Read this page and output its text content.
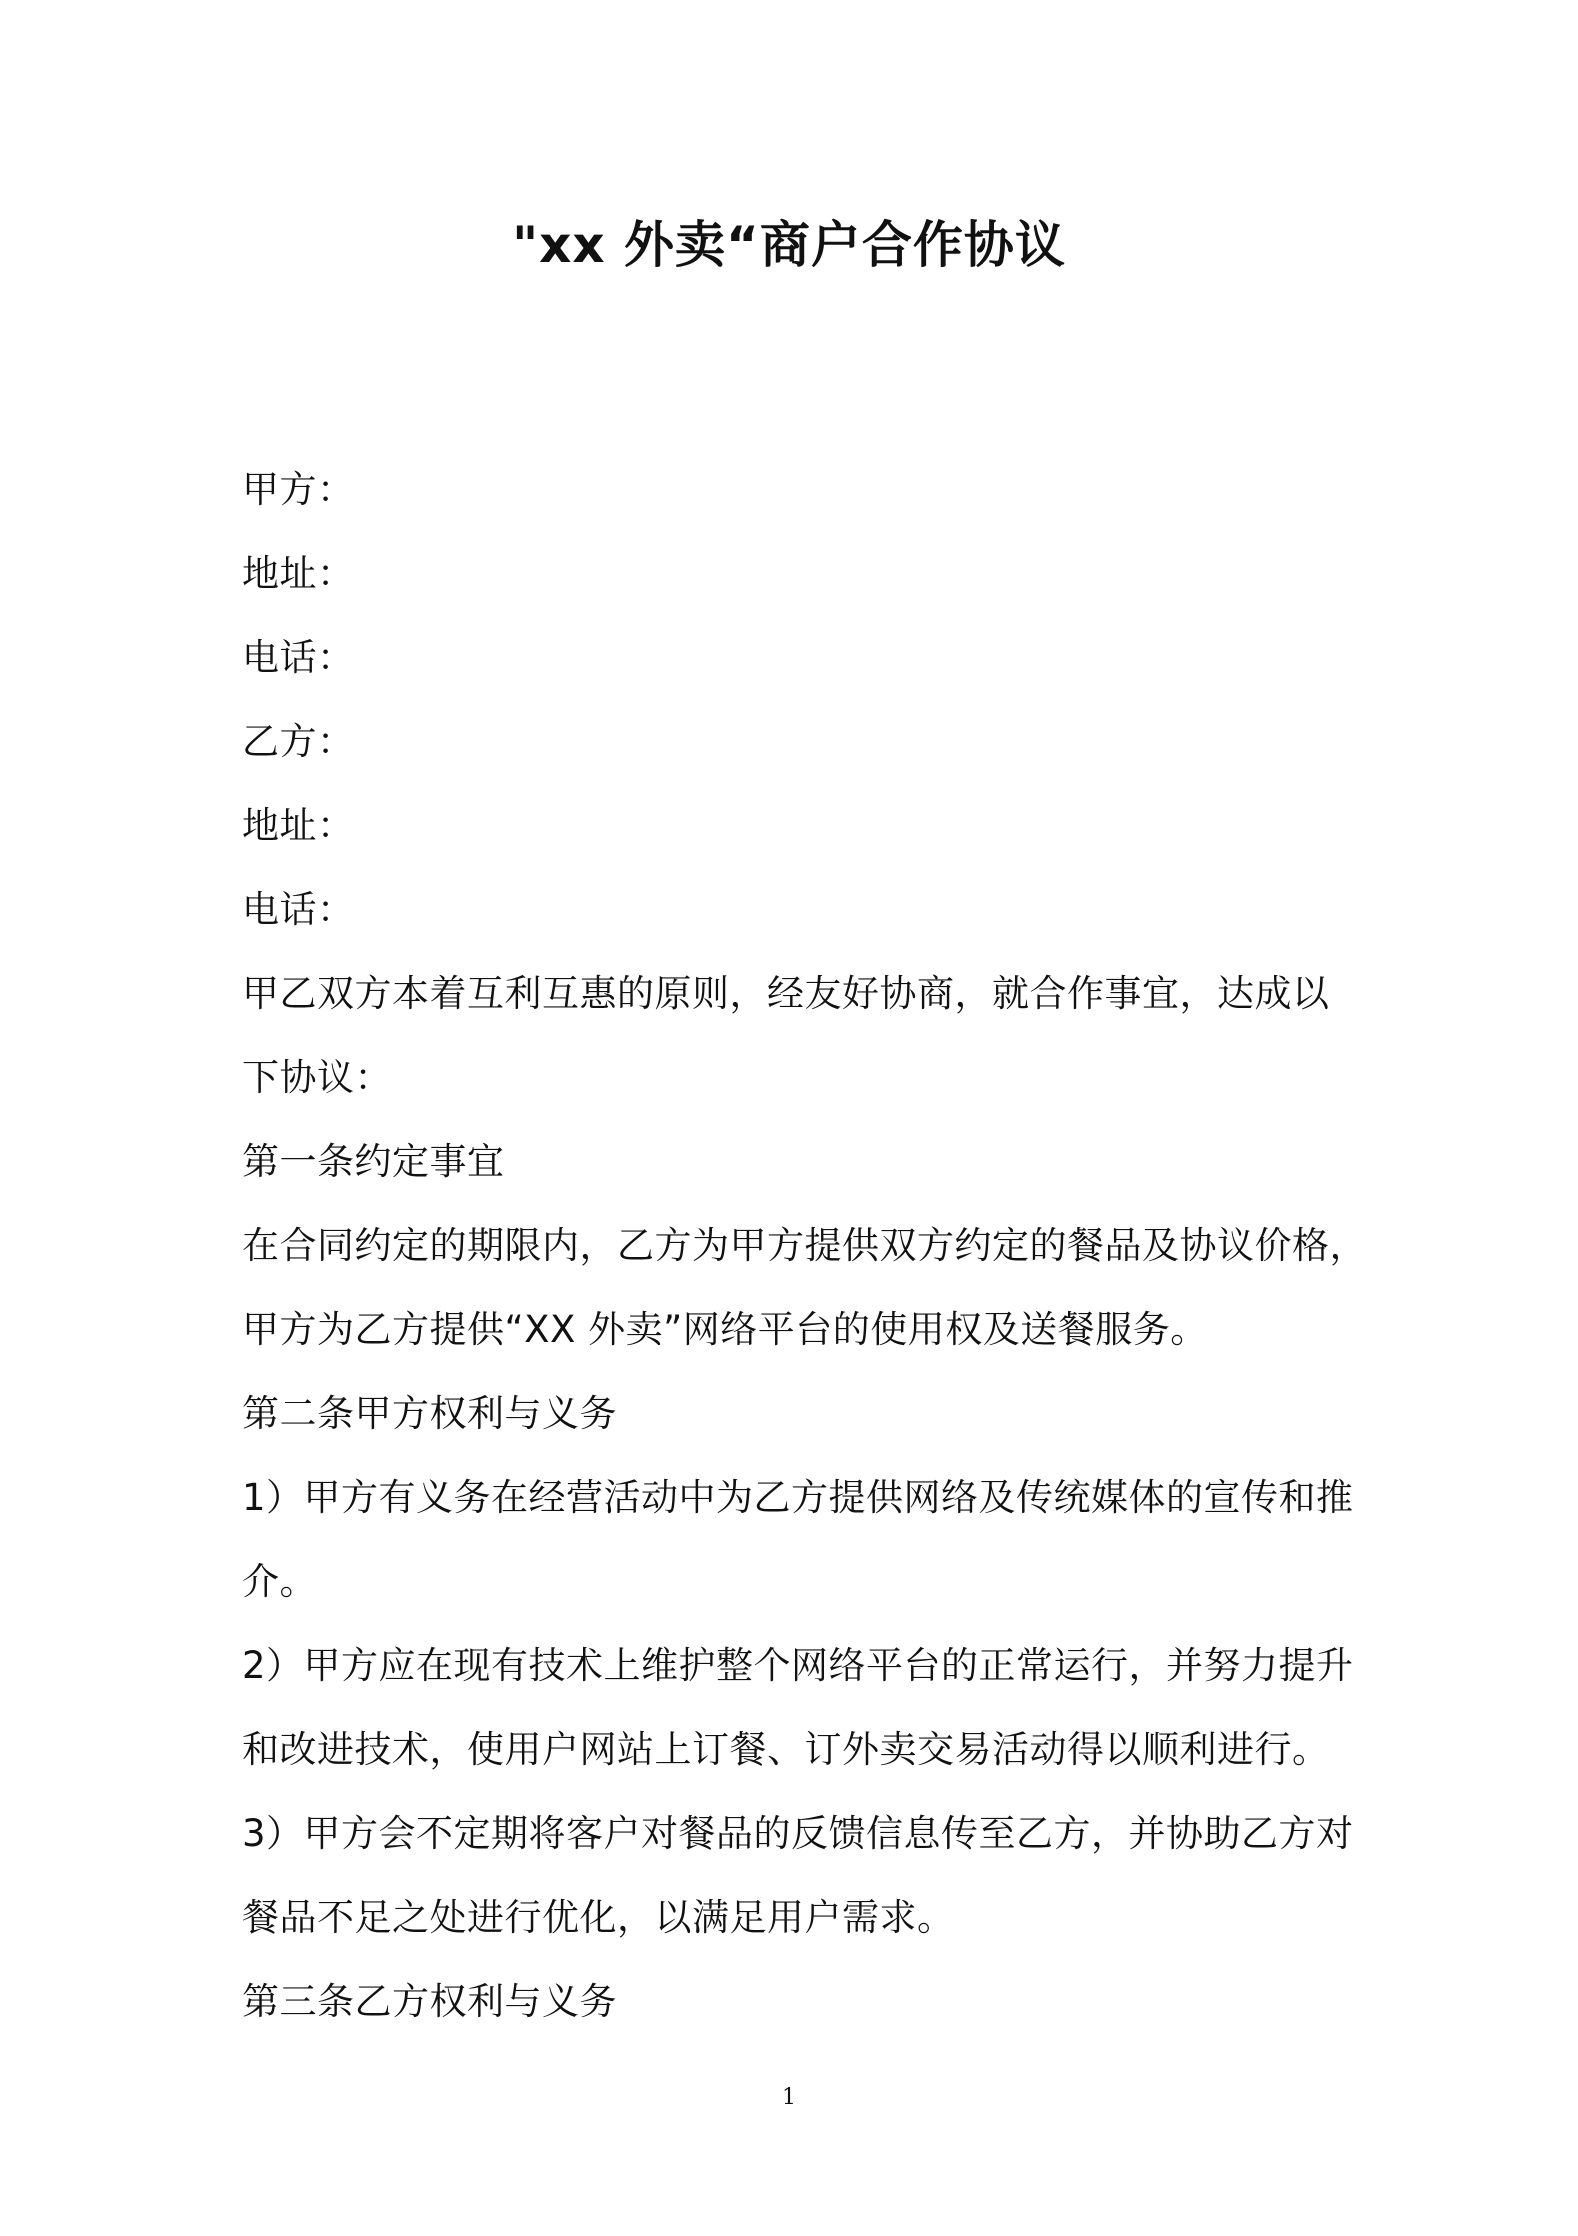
"xx 外卖“商户合作协议
甲方：
地址：
电话：
乙方：
地址：
电话：
甲乙双方本着互利互惠的原则，经友好协商，就合作事宜，达成以
下协议：
第一条约定事宜
在合同约定的期限内，乙方为甲方提供双方约定的餐品及协议价格，
甲方为乙方提供“XX 外卖”网络平台的使用权及送餐服务。
第二条甲方权利与义务
1）甲方有义务在经营活动中为乙方提供网络及传统媒体的宣传和推
介。
2）甲方应在现有技术上维护整个网络平台的正常运行，并努力提升
和改进技术，使用户网站上订餐、订外卖交易活动得以顺利进行。
3）甲方会不定期将客户对餐品的反馈信息传至乙方，并协助乙方对
餐品不足之处进行优化，以满足用户需求。
第三条乙方权利与义务
1
